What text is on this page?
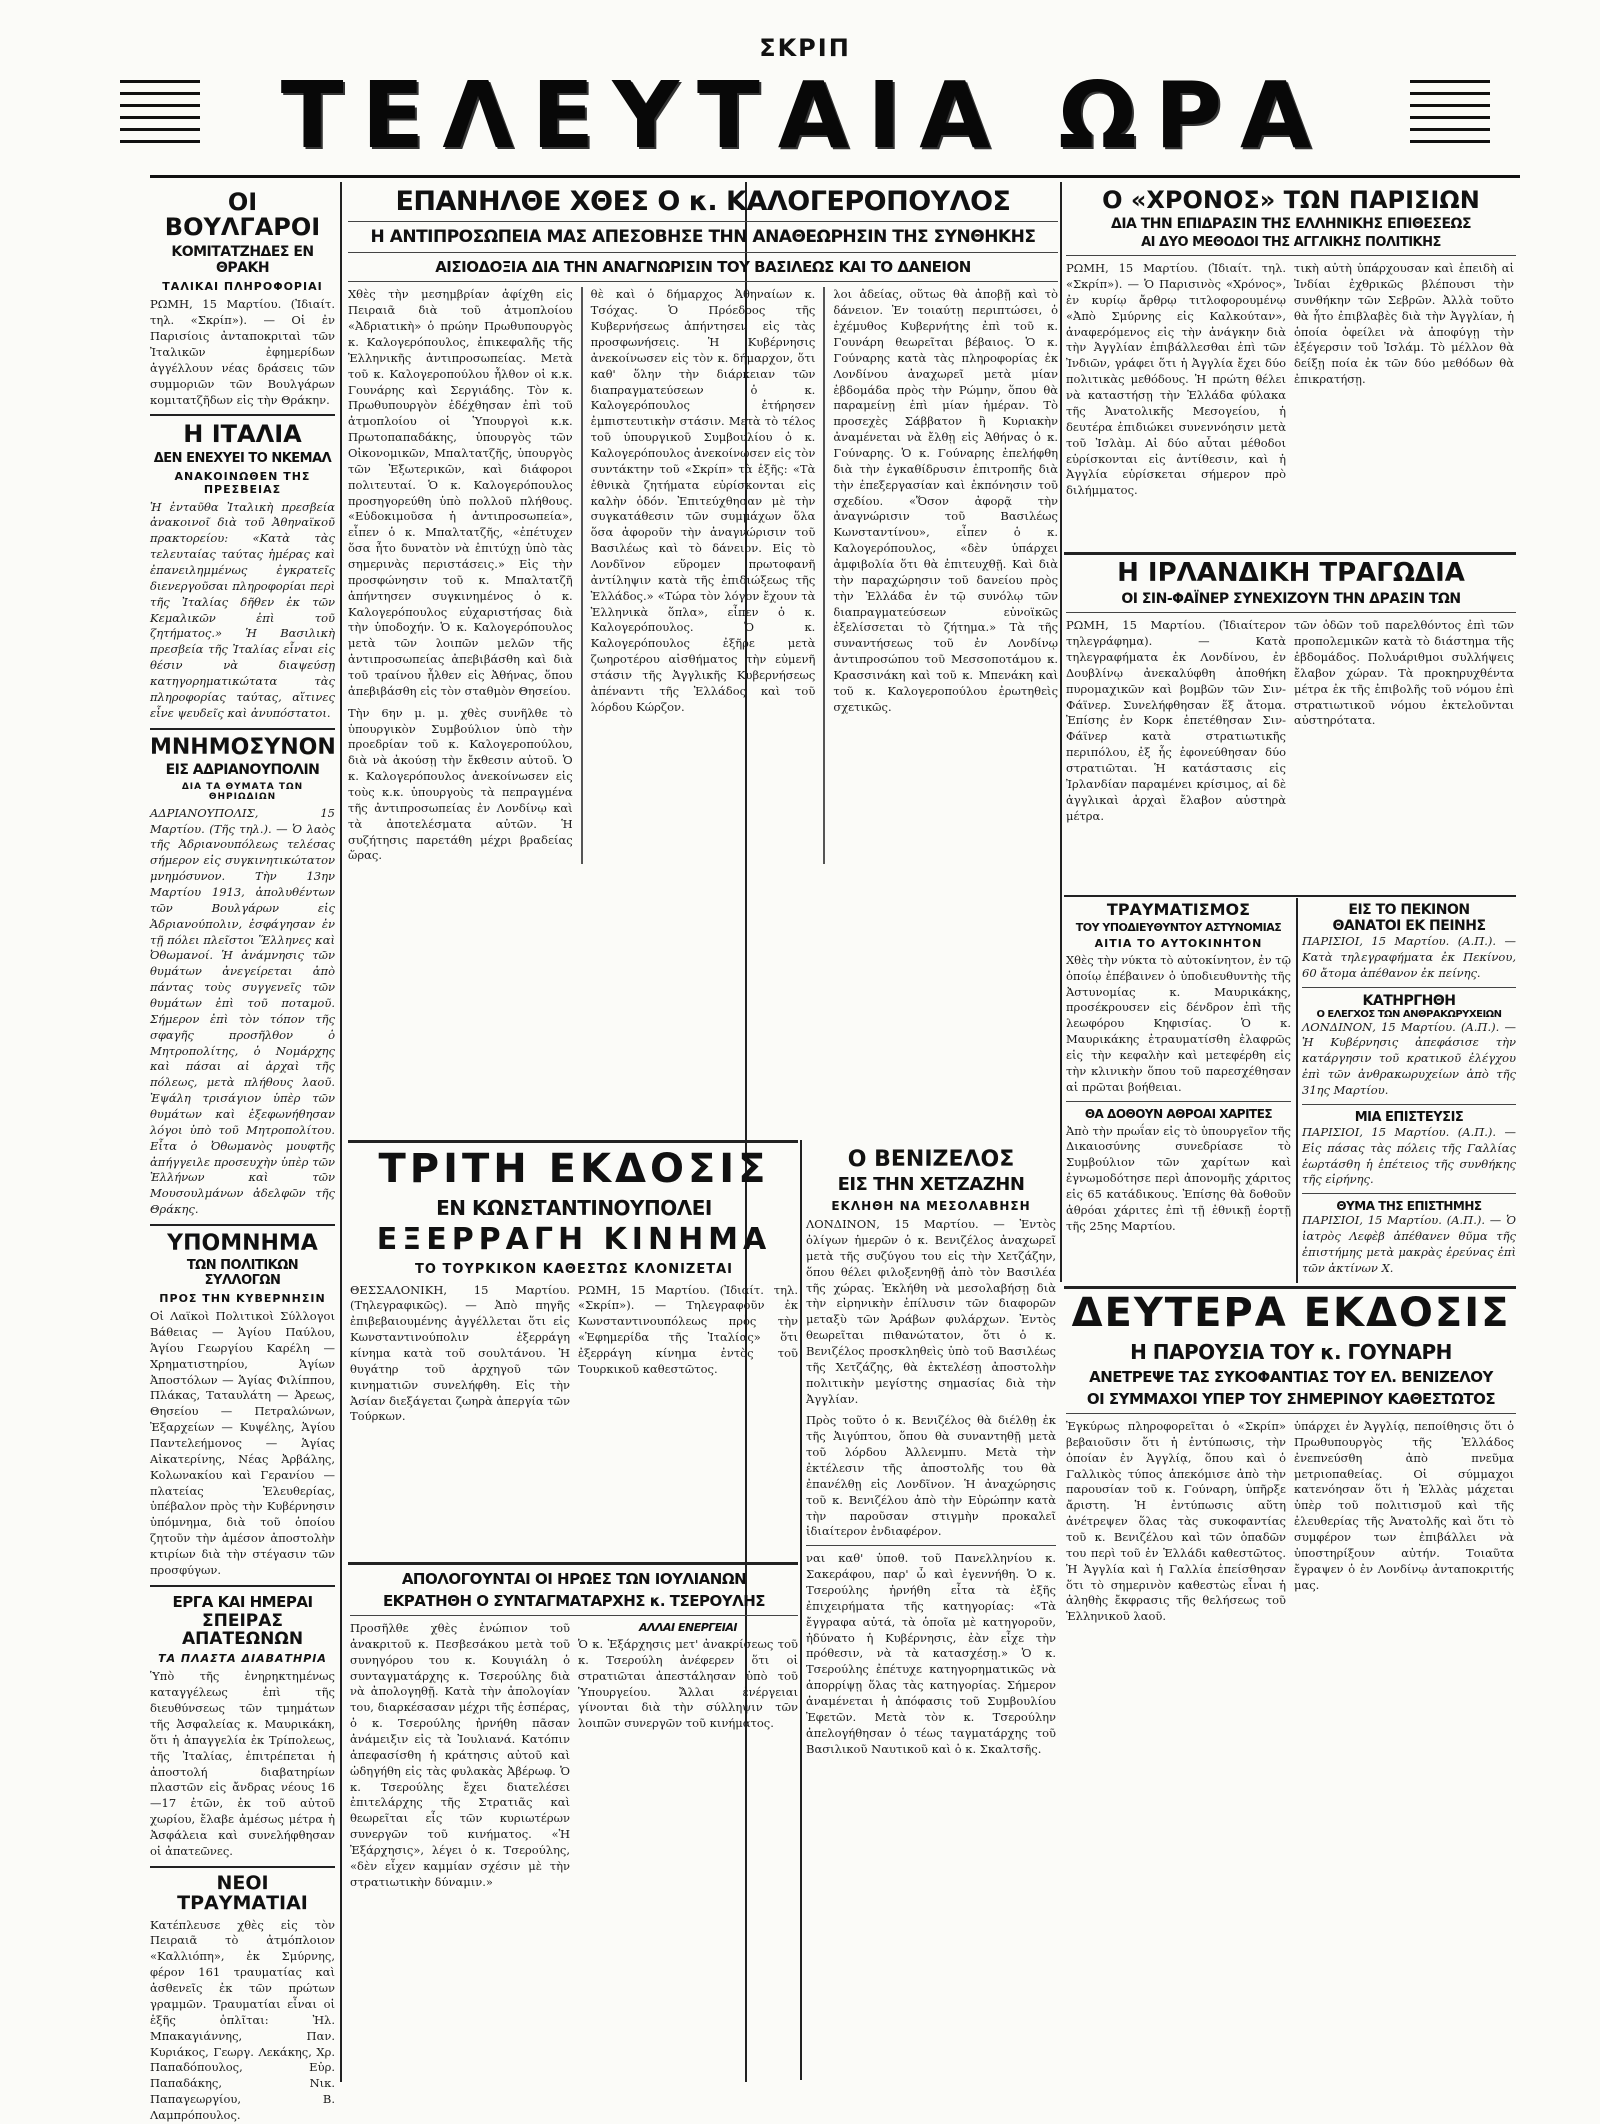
ΣΚΡΙΠ
ΤΕΛΕΥΤΑΙΑ ΩΡΑ
ΟΙ ΒΟΥΛΓΑΡΟΙ
ΚΟΜΙΤΑΤΖΗΔΕΣ ΕΝ ΘΡΑΚΗ
ΤΑΛΙΚΑΙ ΠΛΗΡΟΦΟΡΙΑΙ
ΡΩΜΗ, 15 Μαρτίου. (Ἰδιαίτ. τηλ. «Σκρίπ»). — Οἱ ἐν Παρισίοις ἀνταποκριταὶ τῶν Ἰταλικῶν ἐφημερίδων ἀγγέλλουν νέας δράσεις τῶν συμμοριῶν τῶν Βουλγάρων κομιτατζῆδων εἰς τὴν Θράκην.
Η ΙΤΑΛΙΑ
ΔΕΝ ΕΝΕΧΥΕΙ ΤΟ ΝΚΕΜΑΛ
ΑΝΑΚΟΙΝΩΘΕΝ ΤΗΣ ΠΡΕΣΒΕΙΑΣ
Ἡ ἐνταῦθα Ἰταλικὴ πρεσβεία ἀνακοινοῖ διὰ τοῦ Ἀθηναϊκοῦ πρακτορείου: «Κατὰ τὰς τελευταίας ταύτας ἡμέρας καὶ ἐπανειλημμένως ἐγκρατεῖς διενεργοῦσαι πληροφορίαι περὶ τῆς Ἰταλίας δῆθεν ἐκ τῶν Κεμαλικῶν ἐπὶ τοῦ ζητήματος.» Ἡ Βασιλικὴ πρεσβεία τῆς Ἰταλίας εἶναι εἰς θέσιν νὰ διαψεύσῃ κατηγορηματικώτατα τὰς πληροφορίας ταύτας, αἵτινες εἶνε ψευδεῖς καὶ ἀνυπόστατοι.
ΜΝΗΜΟΣΥΝΟΝ
ΕΙΣ ΑΔΡΙΑΝΟΥΠΟΛΙΝ
ΔΙΑ ΤΑ ΘΥΜΑΤΑ ΤΩΝ ΘΗΡΙΩΔΙΩΝ
ΑΔΡΙΑΝΟΥΠΟΛΙΣ, 15 Μαρτίου. (Τῆς τηλ.). — Ὁ λαὸς τῆς Ἀδριανουπόλεως τελέσας σήμερον εἰς συγκινητικώτατον μνημόσυνον. Τὴν 13ην Μαρτίου 1913, ἀπολυθέντων τῶν Βουλγάρων εἰς Ἀδριανούπολιν, ἐσφάγησαν ἐν τῇ πόλει πλεῖστοι Ἕλληνες καὶ Ὀθωμανοί. Ἡ ἀνάμνησις τῶν θυμάτων ἀνεγείρεται ἀπὸ πάντας τοὺς συγγενεῖς τῶν θυμάτων ἐπὶ τοῦ ποταμοῦ. Σήμερον ἐπὶ τὸν τόπον τῆς σφαγῆς προσῆλθον ὁ Μητροπολίτης, ὁ Νομάρχης καὶ πάσαι αἱ ἀρχαὶ τῆς πόλεως, μετὰ πλήθους λαοῦ. Ἐψάλη τρισάγιον ὑπὲρ τῶν θυμάτων καὶ ἐξεφωνήθησαν λόγοι ὑπὸ τοῦ Μητροπολίτου. Εἶτα ὁ Ὀθωμανὸς μουφτῆς ἀπήγγειλε προσευχὴν ὑπὲρ τῶν Ἑλλήνων καὶ τῶν Μουσουλμάνων ἀδελφῶν τῆς Θράκης.
ΥΠΟΜΝΗΜΑ
ΤΩΝ ΠΟΛΙΤΙΚΩΝ ΣΥΛΛΟΓΩΝ
ΠΡΟΣ ΤΗΝ ΚΥΒΕΡΝΗΣΙΝ
Οἱ Λαϊκοὶ Πολιτικοὶ Σύλλογοι Βάθειας — Ἁγίου Παύλου, Ἁγίου Γεωργίου Καρέλη — Χρηματιστηρίου, Ἁγίων Ἀποστόλων — Ἁγίας Φιλίππου, Πλάκας, Ταταυλάτη — Ἀρεως, Θησείου — Πετραλώνων, Ἐξαρχείων — Κυψέλης, Ἁγίου Παντελεήμονος — Ἁγίας Αἰκατερίνης, Νέας Ἀρβάλης, Κολωνακίου καὶ Γερανίου — πλατείας Ἐλευθερίας, ὑπέβαλον πρὸς τὴν Κυβέρνησιν ὑπόμνημα, διὰ τοῦ ὁποίου ζητοῦν τὴν ἀμέσον ἀποστολὴν κτιρίων διὰ τὴν στέγασιν τῶν προσφύγων.
ΕΡΓΑ ΚΑΙ ΗΜΕΡΑΙ
ΣΠΕΙΡΑΣ ΑΠΑΤΕΩΝΩΝ
ΤΑ ΠΛΑΣΤΑ ΔΙΑΒΑΤΗΡΙΑ
Ὑπὸ τῆς ἐνηρηκτημένως καταγγέλεως ἐπὶ τῆς διευθύνσεως τῶν τμημάτων τῆς Ἀσφαλείας κ. Μαυρικάκη, ὅτι ἡ ἀπαγγελία ἐκ Τρίπολεως, τῆς Ἰταλίας, ἐπιτρέπεται ἡ ἀποστολή διαβατηρίων πλαστῶν εἰς ἄνδρας νέους 16—17 ἐτῶν, ἐκ τοῦ αὐτοῦ χωρίου, ἔλαβε ἀμέσως μέτρα ἡ Ἀσφάλεια καὶ συνελήφθησαν οἱ ἀπατεῶνες.
ΝΕΟΙ ΤΡΑΥΜΑΤΙΑΙ
Κατέπλευσε χθὲς εἰς τὸν Πειραιᾶ τὸ ἀτμόπλοιον «Καλλιόπη», ἐκ Σμύρνης, φέρον 161 τραυματίας καὶ ἀσθενεῖς ἐκ τῶν πρώτων γραμμῶν. Τραυματίαι εἶναι οἱ ἑξῆς ὁπλῖται: Ἠλ. Μπακαγιάννης, Παν. Κυριάκος, Γεωργ. Λεκάκης, Χρ. Παπαδόπουλος, Εὐρ. Παπαδάκης, Νικ. Παπαγεωργίου, Β. Λαμπρόπουλος.
ΕΠΑΝΗΛΘΕ ΧΘΕΣ Ο κ. ΚΑΛΟΓΕΡΟΠΟΥΛΟΣ
Η ΑΝΤΙΠΡΟΣΩΠΕΙΑ ΜΑΣ ΑΠΕΣΟΒΗΣΕ ΤΗΝ ΑΝΑΘΕΩΡΗΣΙΝ ΤΗΣ ΣΥΝΘΗΚΗΣ
ΑΙΣΙΟΔΟΞΙΑ ΔΙΑ ΤΗΝ ΑΝΑΓΝΩΡΙΣΙΝ ΤΟΥ ΒΑΣΙΛΕΩΣ ΚΑΙ ΤΟ ΔΑΝΕΙΟΝ
Χθὲς τὴν μεσημβρίαν ἀφίχθη εἰς Πειραιᾶ διὰ τοῦ ἀτμοπλοίου «Ἀδριατικὴ» ὁ πρώην Πρωθυπουργὸς κ. Καλογερόπουλος, ἐπικεφαλῆς τῆς Ἑλληνικῆς ἀντιπροσωπείας. Μετὰ τοῦ κ. Καλογεροπούλου ἦλθον οἱ κ.κ. Γουνάρης καὶ Σεργιάδης. Τὸν κ. Πρωθυπουργὸν ἐδέχθησαν ἐπὶ τοῦ ἀτμοπλοίου οἱ Ὑπουργοὶ κ.κ. Πρωτοπαπαδάκης, ὑπουργὸς τῶν Οἰκονομικῶν, Μπαλτατζῆς, ὑπουργὸς τῶν Ἐξωτερικῶν, καὶ διάφοροι πολιτευταί. Ὁ κ. Καλογερόπουλος προσηγορεύθη ὑπὸ πολλοῦ πλήθους. «Εὐδοκιμοῦσα ἡ ἀντιπροσωπεία», εἶπεν ὁ κ. Μπαλτατζῆς, «ἐπέτυχεν ὅσα ἦτο δυνατὸν νὰ ἐπιτύχῃ ὑπὸ τὰς σημερινὰς περιστάσεις.» Εἰς τὴν προσφώνησιν τοῦ κ. Μπαλτατζῆ ἀπήντησεν συγκινημένος ὁ κ. Καλογερόπουλος εὐχαριστήσας διὰ τὴν ὑποδοχήν. Ὁ κ. Καλογερόπουλος μετὰ τῶν λοιπῶν μελῶν τῆς ἀντιπροσωπείας ἀπεβιβάσθη καὶ διὰ τοῦ τραίνου ἦλθεν εἰς Ἀθήνας, ὅπου ἀπεβιβάσθη εἰς τὸν σταθμὸν Θησείου.
Τὴν 6ην μ. μ. χθὲς συνῆλθε τὸ ὑπουργικὸν Συμβούλιον ὑπὸ τὴν προεδρίαν τοῦ κ. Καλογεροπούλου, διὰ νὰ ἀκούσῃ τὴν ἔκθεσιν αὐτοῦ. Ὁ κ. Καλογερόπουλος ἀνεκοίνωσεν εἰς τοὺς κ.κ. ὑπουργοὺς τὰ πεπραγμένα τῆς ἀντιπροσωπείας ἐν Λονδίνῳ καὶ τὰ ἀποτελέσματα αὐτῶν. Ἡ συζήτησις παρετάθη μέχρι βραδείας ὥρας.
θὲ καὶ ὁ δήμαρχος Ἀθηναίων κ. Τσόχας. Ὁ Πρόεδρος τῆς Κυβερνήσεως ἀπήντησεν εἰς τὰς προσφωνήσεις. Ἡ Κυβέρνησις ἀνεκοίνωσεν εἰς τὸν κ. δήμαρχον, ὅτι καθ' ὅλην τὴν διάρκειαν τῶν διαπραγματεύσεων ὁ κ. Καλογερόπουλος ἐτήρησεν ἐμπιστευτικὴν στάσιν. Μετὰ τὸ τέλος τοῦ ὑπουργικοῦ Συμβουλίου ὁ κ. Καλογερόπουλος ἀνεκοίνωσεν εἰς τὸν συντάκτην τοῦ «Σκρίπ» τὰ ἑξῆς: «Τὰ ἐθνικὰ ζητήματα εὑρίσκονται εἰς καλὴν ὁδόν. Ἐπιτεύχθησαν μὲ τὴν συγκατάθεσιν τῶν συμμάχων ὅλα ὅσα ἀφοροῦν τὴν ἀναγνώρισιν τοῦ Βασιλέως καὶ τὸ δάνειον. Εἰς τὸ Λονδῖνον εὕρομεν πρωτοφανῆ ἀντίληψιν κατὰ τῆς ἐπιδιώξεως τῆς Ἑλλάδος.» «Τώρα τὸν λόγον ἔχουν τὰ Ἑλληνικὰ ὅπλα», εἶπεν ὁ κ. Καλογερόπουλος. Ὁ κ. Καλογερόπουλος ἐξῆρε μετὰ ζωηροτέρου αἰσθήματος τὴν εὐμενῆ στάσιν τῆς Ἀγγλικῆς Κυβερνήσεως ἀπέναντι τῆς Ἑλλάδος καὶ τοῦ λόρδου Κώρζον.
λοι ἀδείας, οὕτως θὰ ἀποβῇ καὶ τὸ δάνειον. Ἐν τοιαύτῃ περιπτώσει, ὁ ἐχέμυθος Κυβερνήτης ἐπὶ τοῦ κ. Γουνάρη θεωρεῖται βέβαιος. Ὁ κ. Γούναρης κατὰ τὰς πληροφορίας ἐκ Λονδίνου ἀναχωρεῖ μετὰ μίαν ἑβδομάδα πρὸς τὴν Ρώμην, ὅπου θὰ παραμείνῃ ἐπὶ μίαν ἡμέραν. Τὸ προσεχὲς Σάββατον ἢ Κυριακὴν ἀναμένεται νὰ ἔλθῃ εἰς Ἀθήνας ὁ κ. Γούναρης. Ὁ κ. Γούναρης ἐπελήφθη διὰ τὴν ἐγκαθίδρυσιν ἐπιτροπῆς διὰ τὴν ἐπεξεργασίαν καὶ ἐκπόνησιν τοῦ σχεδίου. «Ὅσον ἀφορᾷ τὴν ἀναγνώρισιν τοῦ Βασιλέως Κωνσταντίνου», εἶπεν ὁ κ. Καλογερόπουλος, «δὲν ὑπάρχει ἀμφιβολία ὅτι θὰ ἐπιτευχθῇ. Καὶ διὰ τὴν παραχώρησιν τοῦ δανείου πρὸς τὴν Ἑλλάδα ἐν τῷ συνόλῳ τῶν διαπραγματεύσεων εὐνοϊκῶς ἐξελίσσεται τὸ ζήτημα.» Τὰ τῆς συναντήσεως τοῦ ἐν Λονδίνῳ ἀντιπροσώπου τοῦ Μεσσοποτάμου κ. Κρασσινάκη καὶ τοῦ κ. Μπενάκη καὶ τοῦ κ. Καλογεροπούλου ἐρωτηθεὶς σχετικῶς.
ΤΡΙΤΗ ΕΚΔΟΣΙΣ
ΕΝ ΚΩΝΣΤΑΝΤΙΝΟΥΠΟΛΕΙ
ΕΞΕΡΡΑΓΗ ΚΙΝΗΜΑ
ΤΟ ΤΟΥΡΚΙΚΟΝ ΚΑΘΕΣΤΩΣ ΚΛΟΝΙΖΕΤΑΙ
ΘΕΣΣΑΛΟΝΙΚΗ, 15 Μαρτίου. (Τηλεγραφικῶς). — Ἀπὸ πηγῆς ἐπιβεβαιουμένης ἀγγέλλεται ὅτι εἰς Κωνσταντινούπολιν ἐξερράγη κίνημα κατὰ τοῦ σουλτάνου. Ἡ θυγάτηρ τοῦ ἀρχηγοῦ τῶν κινηματιῶν συνελήφθη. Εἰς τὴν Ἀσίαν διεξάγεται ζωηρὰ ἀπεργία τῶν Τούρκων.
ΡΩΜΗ, 15 Μαρτίου. (Ἰδιαίτ. τηλ. «Σκρίπ»). — Τηλεγραφοῦν ἐκ Κωνσταντινουπόλεως πρὸς τὴν «Ἐφημερίδα τῆς Ἰταλίας» ὅτι ἐξερράγη κίνημα ἐντὸς τοῦ Τουρκικοῦ καθεστῶτος.
ΑΠΟΛΟΓΟΥΝΤΑΙ ΟΙ ΗΡΩΕΣ ΤΩΝ ΙΟΥΛΙΑΝΩΝ
ΕΚΡΑΤΗΘΗ Ο ΣΥΝΤΑΓΜΑΤΑΡΧΗΣ κ. ΤΣΕΡΟΥΛΗΣ
Προσῆλθε χθὲς ἐνώπιον τοῦ ἀνακριτοῦ κ. Πεσβεσάκου μετὰ τοῦ συνηγόρου του κ. Κουγιάλη ὁ συνταγματάρχης κ. Τσερούλης διὰ νὰ ἀπολογηθῇ. Κατὰ τὴν ἀπολογίαν του, διαρκέσασαν μέχρι τῆς ἑσπέρας, ὁ κ. Τσερούλης ἠρνήθη πᾶσαν ἀνάμειξιν εἰς τὰ Ἰουλιανά. Κατόπιν ἀπεφασίσθη ἡ κράτησις αὐτοῦ καὶ ὡδηγήθη εἰς τὰς φυλακὰς Ἀβέρωφ. Ὁ κ. Τσερούλης ἔχει διατελέσει ἐπιτελάρχης τῆς Στρατιᾶς καὶ θεωρεῖται εἷς τῶν κυριωτέρων συνεργῶν τοῦ κινήματος. «Ἡ Ἐξάρχησις», λέγει ὁ κ. Τσερούλης, «δὲν εἶχεν καμμίαν σχέσιν μὲ τὴν στρατιωτικὴν δύναμιν.»
ΑΛΛΑΙ ΕΝΕΡΓΕΙΑΙ
Ὁ κ. Ἐξάρχησις μετ' ἀνακρίσεως τοῦ κ. Τσερούλη ἀνέφερεν ὅτι οἱ στρατιῶται ἀπεστάλησαν ὑπὸ τοῦ Ὑπουργείου. Ἄλλαι ἐνέργειαι γίνονται διὰ τὴν σύλληψιν τῶν λοιπῶν συνεργῶν τοῦ κινήματος.
Ο ΒΕΝΙΖΕΛΟΣ
ΕΙΣ ΤΗΝ ΧΕΤΖΑΖΗΝ
ΕΚΛΗΘΗ ΝΑ ΜΕΣΟΛΑΒΗΣΗ
ΛΟΝΔΙΝΟΝ, 15 Μαρτίου. — Ἐντὸς ὀλίγων ἡμερῶν ὁ κ. Βενιζέλος ἀναχωρεῖ μετὰ τῆς συζύγου του εἰς τὴν Χετζάζην, ὅπου θέλει φιλοξενηθῇ ἀπὸ τὸν Βασιλέα τῆς χώρας. Ἐκλήθη νὰ μεσολαβήσῃ διὰ τὴν εἰρηνικὴν ἐπίλυσιν τῶν διαφορῶν μεταξὺ τῶν Ἀράβων φυλάρχων. Ἐντὸς θεωρεῖται πιθανώτατον, ὅτι ὁ κ. Βενιζέλος προσκληθεὶς ὑπὸ τοῦ Βασιλέως τῆς Χετζάζης, θὰ ἐκτελέσῃ ἀποστολὴν πολιτικὴν μεγίστης σημασίας διὰ τὴν Ἀγγλίαν.
Πρὸς τοῦτο ὁ κ. Βενιζέλος θὰ διέλθῃ ἐκ τῆς Ἀιγύπτου, ὅπου θὰ συναντηθῇ μετὰ τοῦ λόρδου Ἀλλενμπυ. Μετὰ τὴν ἐκτέλεσιν τῆς ἀποστολῆς του θὰ ἐπανέλθῃ εἰς Λονδῖνον. Ἡ ἀναχώρησις τοῦ κ. Βενιζέλου ἀπὸ τὴν Εὐρώπην κατὰ τὴν παροῦσαν στιγμὴν προκαλεῖ ἰδιαίτερον ἐνδιαφέρον.
ναι καθ' ὑποθ. τοῦ Πανελληνίου κ. Σακεράφου, παρ' ὧ καὶ ἐγεννήθη. Ὁ κ. Τσερούλης ἠρνήθη εἶτα τὰ ἐξῆς ἐπιχειρήματα τῆς κατηγορίας: «Τὰ ἔγγραφα αὐτά, τὰ ὁποῖα μὲ κατηγοροῦν, ἠδύνατο ἡ Κυβέρνησις, ἐὰν εἶχε τὴν πρόθεσιν, νὰ τὰ κατασχέσῃ.» Ὁ κ. Τσερούλης ἐπέτυχε κατηγορηματικῶς νὰ ἀπορρίψῃ ὅλας τὰς κατηγορίας. Σήμερον ἀναμένεται ἡ ἀπόφασις τοῦ Συμβουλίου Ἐφετῶν. Μετὰ τὸν κ. Τσερούλην ἀπελογήθησαν ὁ τέως ταγματάρχης τοῦ Βασιλικοῦ Ναυτικοῦ καὶ ὁ κ. Σκαλτσῆς.
Ο «ΧΡΟΝΟΣ» ΤΩΝ ΠΑΡΙΣΙΩΝ
ΔΙΑ ΤΗΝ ΕΠΙΔΡΑΣΙΝ ΤΗΣ ΕΛΛΗΝΙΚΗΣ ΕΠΙΘΕΣΕΩΣ
ΑΙ ΔΥΟ ΜΕΘΟΔΟΙ ΤΗΣ ΑΓΓΛΙΚΗΣ ΠΟΛΙΤΙΚΗΣ
ΡΩΜΗ, 15 Μαρτίου. (Ἰδιαίτ. τηλ. «Σκρίπ»). — Ὁ Παρισινὸς «Χρόνος», ἐν κυρίῳ ἄρθρῳ τιτλοφορουμένῳ «Ἀπὸ Σμύρνης εἰς Καλκούταν», ἀναφερόμενος εἰς τὴν ἀνάγκην διὰ τὴν Ἀγγλίαν ἐπιβάλλεσθαι ἐπὶ τῶν Ἰνδιῶν, γράφει ὅτι ἡ Ἀγγλία ἔχει δύο πολιτικὰς μεθόδους. Ἡ πρώτη θέλει νὰ καταστήσῃ τὴν Ἑλλάδα φύλακα τῆς Ἀνατολικῆς Μεσογείου, ἡ δευτέρα ἐπιδιώκει συνεννόησιν μετὰ τοῦ Ἰσλὰμ. Αἱ δύο αὗται μέθοδοι εὑρίσκονται εἰς ἀντίθεσιν, καὶ ἡ Ἀγγλία εὑρίσκεται σήμερον πρὸ διλήμματος.
τικὴ αὐτὴ ὑπάρχουσαν καὶ ἐπειδὴ αἱ Ἰνδίαι ἐχθρικῶς βλέπουσι τὴν συνθήκην τῶν Σεβρῶν. Ἀλλὰ τοῦτο θὰ ἦτο ἐπιβλαβὲς διὰ τὴν Ἀγγλίαν, ἡ ὁποία ὀφείλει νὰ ἀποφύγῃ τὴν ἐξέγερσιν τοῦ Ἰσλάμ. Τὸ μέλλον θὰ δείξῃ ποία ἐκ τῶν δύο μεθόδων θὰ ἐπικρατήσῃ.
Η ΙΡΛΑΝΔΙΚΗ ΤΡΑΓΩΔΙΑ
ΟΙ ΣΙΝ-ΦΑΪΝΕΡ ΣΥΝΕΧΙΖΟΥΝ ΤΗΝ ΔΡΑΣΙΝ ΤΩΝ
ΡΩΜΗ, 15 Μαρτίου. (Ἰδιαίτερον τηλεγράφημα). — Κατὰ τηλεγραφήματα ἐκ Λονδίνου, ἐν Δουβλίνῳ ἀνεκαλύφθη ἀποθήκη πυρομαχικῶν καὶ βομβῶν τῶν Σιν-Φάϊνερ. Συνελήφθησαν ἕξ ἄτομα. Ἐπίσης ἐν Κορκ ἐπετέθησαν Σιν-Φάϊνερ κατὰ στρατιωτικῆς περιπόλου, ἐξ ἧς ἐφονεύθησαν δύο στρατιῶται. Ἡ κατάστασις εἰς Ἰρλανδίαν παραμένει κρίσιμος, αἱ δὲ ἀγγλικαὶ ἀρχαὶ ἔλαβον αὐστηρὰ μέτρα.
τῶν ὁδῶν τοῦ παρελθόντος ἐπὶ τῶν προπολεμικῶν κατὰ τὸ διάστημα τῆς ἑβδομάδος. Πολυάριθμοι συλλήψεις ἔλαβον χώραν. Τὰ προκηρυχθέντα μέτρα ἐκ τῆς ἐπιβολῆς τοῦ νόμου ἐπὶ στρατιωτικοῦ νόμου ἐκτελοῦνται αὐστηρότατα.
ΤΡΑΥΜΑΤΙΣΜΟΣ
ΤΟΥ ΥΠΟΔΙΕΥΘΥΝΤΟΥ ΑΣΤΥΝΟΜΙΑΣ
ΑΙΤΙΑ ΤΟ ΑΥΤΟΚΙΝΗΤΟΝ
Χθὲς τὴν νύκτα τὸ αὐτοκίνητον, ἐν τῷ ὁποίῳ ἐπέβαινεν ὁ ὑποδιευθυντὴς τῆς Ἀστυνομίας κ. Μαυρικάκης, προσέκρουσεν εἰς δένδρον ἐπὶ τῆς λεωφόρου Κηφισίας. Ὁ κ. Μαυρικάκης ἐτραυματίσθη ἐλαφρῶς εἰς τὴν κεφαλὴν καὶ μετεφέρθη εἰς τὴν κλινικὴν ὅπου τοῦ παρεσχέθησαν αἱ πρῶται βοήθειαι.
ΘΑ ΔΟΘΟΥΝ ΑΘΡΟΑΙ ΧΑΡΙΤΕΣ
Ἀπὸ τὴν πρωΐαν εἰς τὸ ὑπουργεῖον τῆς Δικαιοσύνης συνεδρίασε τὸ Συμβούλιον τῶν χαρίτων καὶ ἐγνωμοδότησε περὶ ἀπονομῆς χάριτος εἰς 65 κατάδικους. Ἐπίσης θὰ δοθοῦν ἀθρόαι χάριτες ἐπὶ τῇ ἐθνικῇ ἑορτῇ τῆς 25ης Μαρτίου.
ΕΙΣ ΤΟ ΠΕΚΙΝΟΝ
ΘΑΝΑΤΟΙ ΕΚ ΠΕΙΝΗΣ
ΠΑΡΙΣΙΟΙ, 15 Μαρτίου. (Α.Π.). — Κατὰ τηλεγραφήματα ἐκ Πεκίνου, 60 ἄτομα ἀπέθανον ἐκ πείνης.
ΚΑΤΗΡΓΗΘΗ
Ο ΕΛΕΓΧΟΣ ΤΩΝ ΑΝΘΡΑΚΩΡΥΧΕΙΩΝ
ΛΟΝΔΙΝΟΝ, 15 Μαρτίου. (Α.Π.). — Ἡ Κυβέρνησις ἀπεφάσισε τὴν κατάργησιν τοῦ κρατικοῦ ἐλέγχου ἐπὶ τῶν ἀνθρακωρυχείων ἀπὸ τῆς 31ης Μαρτίου.
ΜΙΑ ΕΠΙΣΤΕΥΣΙΣ
ΠΑΡΙΣΙΟΙ, 15 Μαρτίου. (Α.Π.). — Εἰς πάσας τὰς πόλεις τῆς Γαλλίας ἑωρτάσθη ἡ ἐπέτειος τῆς συνθήκης τῆς εἰρήνης.
ΘΥΜΑ ΤΗΣ ΕΠΙΣΤΗΜΗΣ
ΠΑΡΙΣΙΟΙ, 15 Μαρτίου. (Α.Π.). — Ὁ ἰατρὸς Λεφὲβ ἀπέθανεν θῦμα τῆς ἐπιστήμης μετὰ μακρὰς ἐρεύνας ἐπὶ τῶν ἀκτίνων Χ.
ΔΕΥΤΕΡΑ ΕΚΔΟΣΙΣ
Η ΠΑΡΟΥΣΙΑ ΤΟΥ κ. ΓΟΥΝΑΡΗ
ΑΝΕΤΡΕΨΕ ΤΑΣ ΣΥΚΟΦΑΝΤΙΑΣ ΤΟΥ ΕΛ. ΒΕΝΙΖΕΛΟΥ
ΟΙ ΣΥΜΜΑΧΟΙ ΥΠΕΡ ΤΟΥ ΣΗΜΕΡΙΝΟΥ ΚΑΘΕΣΤΩΤΟΣ
Ἐγκύρως πληροφορεῖται ὁ «Σκρίπ» βεβαιοῦσιν ὅτι ἡ ἐντύπωσις, τὴν ὁποίαν ἐν Ἀγγλίᾳ, ὅπου καὶ ὁ Γαλλικὸς τύπος ἀπεκόμισε ἀπὸ τὴν παρουσίαν τοῦ κ. Γούναρη, ὑπῆρξε ἄριστη. Ἡ ἐντύπωσις αὕτη ἀνέτρεψεν ὅλας τὰς συκοφαντίας τοῦ κ. Βενιζέλου καὶ τῶν ὀπαδῶν του περὶ τοῦ ἐν Ἑλλάδι καθεστῶτος. Ἡ Ἀγγλία καὶ ἡ Γαλλία ἐπείσθησαν ὅτι τὸ σημερινὸν καθεστὼς εἶναι ἡ ἀληθὴς ἔκφρασις τῆς θελήσεως τοῦ Ἑλληνικοῦ λαοῦ.
ὑπάρχει ἐν Ἀγγλίᾳ, πεποίθησις ὅτι ὁ Πρωθυπουργὸς τῆς Ἑλλάδος ἐνεπνεύσθη ἀπὸ πνεῦμα μετριοπαθείας. Οἱ σύμμαχοι κατενόησαν ὅτι ἡ Ἑλλὰς μάχεται ὑπὲρ τοῦ πολιτισμοῦ καὶ τῆς ἐλευθερίας τῆς Ἀνατολῆς καὶ ὅτι τὸ συμφέρον των ἐπιβάλλει νὰ ὑποστηρίξουν αὐτήν. Τοιαῦτα ἔγραψεν ὁ ἐν Λονδίνῳ ἀνταποκριτής μας.
